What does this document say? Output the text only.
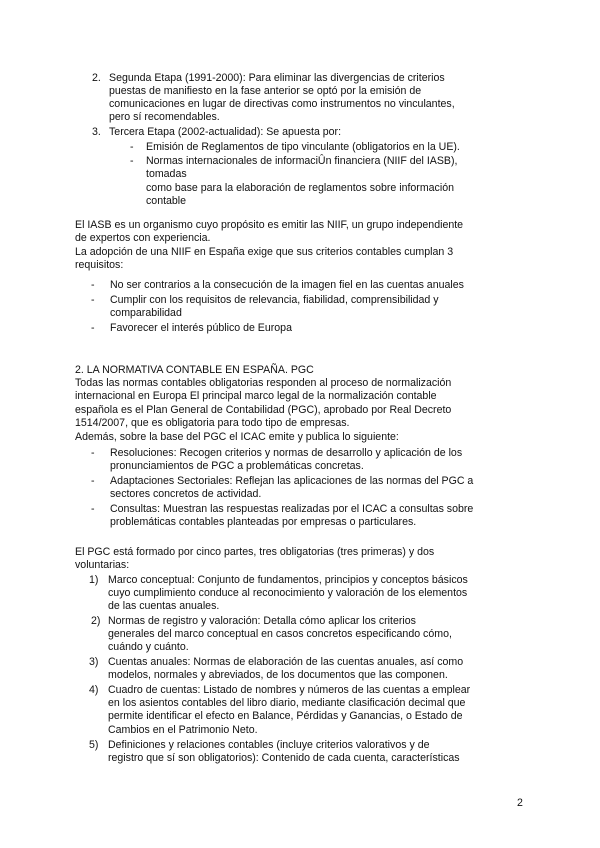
2. Segunda Etapa (1991-2000): Para eliminar las divergencias de criterios
puestas de manifiesto en la fase anterior se optó por la emisión de
comunicaciones en lugar de directivas como instrumentos no vinculantes,
pero sí recomendables.
3. Tercera Etapa (2002-actualidad): Se apuesta por:
- Emisión de Reglamentos de tipo vinculante (obligatorios en la UE).
- Normas internacionales de informaciÛn financiera (NIIF del IASB),
tomadas
como base para la elaboración de reglamentos sobre información
contable
El IASB es un organismo cuyo propósito es emitir las NIIF, un grupo independiente
de expertos con experiencia.
La adopción de una NIIF en España exige que sus criterios contables cumplan 3
requisitos:
- No ser contrarios a la consecución de la imagen fiel en las cuentas anuales
- Cumplir con los requisitos de relevancia, fiabilidad, comprensibilidad y
comparabilidad
- Favorecer el interés público de Europa
2. LA NORMATIVA CONTABLE EN ESPAÑA. PGC
Todas las normas contables obligatorias responden al proceso de normalización
internacional en Europa El principal marco legal de la normalización contable
española es el Plan General de Contabilidad (PGC), aprobado por Real Decreto
1514/2007, que es obligatoria para todo tipo de empresas.
Además, sobre la base del PGC el ICAC emite y publica lo siguiente:
- Resoluciones: Recogen criterios y normas de desarrollo y aplicación de los
pronunciamientos de PGC a problemáticas concretas.
- Adaptaciones Sectoriales: Reflejan las aplicaciones de las normas del PGC a
sectores concretos de actividad.
- Consultas: Muestran las respuestas realizadas por el ICAC a consultas sobre
problemáticas contables planteadas por empresas o particulares.
El PGC está formado por cinco partes, tres obligatorias (tres primeras) y dos
voluntarias:
1) Marco conceptual: Conjunto de fundamentos, principios y conceptos básicos
cuyo cumplimiento conduce al reconocimiento y valoración de los elementos
de las cuentas anuales.
2) Normas de registro y valoración: Detalla cómo aplicar los criterios
generales del marco conceptual en casos concretos especificando cómo,
cuándo y cuánto.
3) Cuentas anuales: Normas de elaboración de las cuentas anuales, así como
modelos, normales y abreviados, de los documentos que las componen.
4) Cuadro de cuentas: Listado de nombres y números de las cuentas a emplear
en los asientos contables del libro diario, mediante clasificación decimal que
permite identificar el efecto en Balance, Pérdidas y Ganancias, o Estado de
Cambios en el Patrimonio Neto.
5) Definiciones y relaciones contables (incluye criterios valorativos y de
registro que sí son obligatorios): Contenido de cada cuenta, características
2
